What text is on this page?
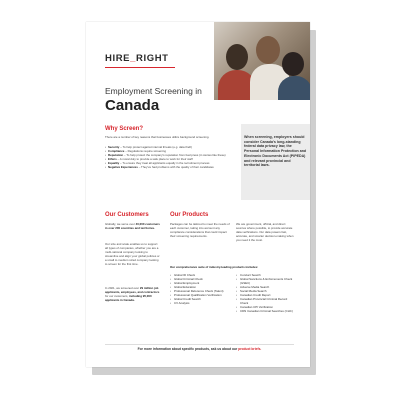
HIRE_RIGHT
Employment Screening in
Canada
Why Screen?
There are a number of key reasons that businesses utilize background screening.
• Security – To help protect against internal threats (e.g. data theft)
• Compliance – Regulations require screening
• Reputation – To help protect the company's reputation from bad press (in stories like these)
• Ethics – A moral duty to provide a safe place to work for their staff
• Equality – To ensure they treat all applicants equally in the recruitment process
• Negative Experiences – They've had problems with the quality of their candidates
When screening, employers should consider Canada's long-standing federal data privacy law, the Personal Information Protection and Electronic Documents Act (PIPEDA) and relevant provincial and territorial laws.
Our Customers
Globally, we serve over 40,000 customers in over 200 countries and territories.
Our size and scale enables us to support all types of companies, whether you are a multi-national company looking to streamline and align your global policies or a small to medium sized company looking to screen for the first time.
In 2021, we screened over 29 million job applicants, employees, and contractors for our customers, including 95,000 applicants in Canada.
Our Products
Packages can be tailored to meet the needs of each customer, taking into account any compliance considerations that could impact their screening requirements.
We are government, official, and direct sources where possible, to provide accurate data verifications. Our data powers fast, accurate, and smarter decision-making when you need it the most.
Our comprehensive suite of industry-leading products includes:
• Global ID Check
• Global Criminal Check
• Global Employment
• Global Education
• Professional Reference Check (Talent)
• Professional Qualification Verification
• Global Credit Search
• CV Analysis
• Conduct Search
• Global Sanctions & Enforcements Check (GSEC)
• Adverse Media Search
• Social Media Search
• Canadian Credit Report
• Canadian Provincial Criminal Record Check
• Canadian CPI Verification
• CDN Canadian Criminal Searches (CHC)
For more information about specific products, ask us about our product briefs.
